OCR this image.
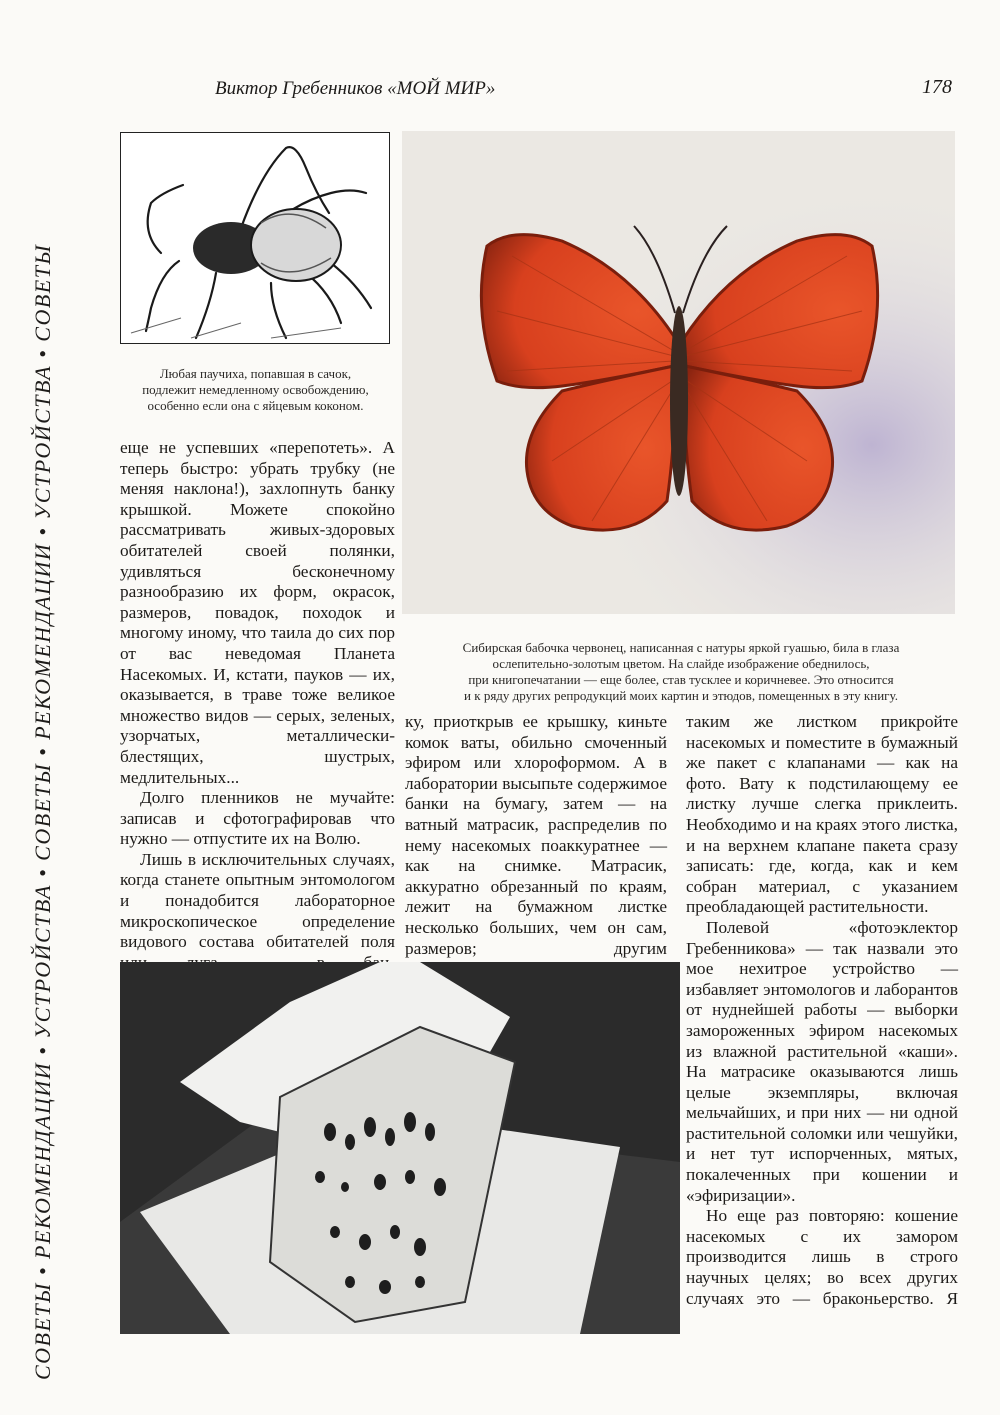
СОВЕТЫ • РЕКОМЕНДАЦИИ • УСТРОЙСТВА • СОВЕТЫ • РЕКОМЕНДАЦИИ • УСТРОЙСТВА • СОВЕТЫ
Виктор Гребенников «МОЙ МИР»	178
Любая паучиха, попавшая в сачок,
подлежит немедленному освобождению,
особенно если она с яйцевым коконом.
Сибирская бабочка червонец, написанная с натуры яркой гуашью, била в глаза
ослепительно-золотым цветом. На слайде изображение обеднилось,
при книгопечатании — еще более, став тусклее и коричневее. Это относится
и к ряду других репродукций моих картин и этюдов, помещенных в эту книгу.

еще не успевших «перепотеть». А теперь быстро: убрать трубку (не меняя наклона!), захлопнуть банку крышкой. Можете спокойно рассматривать живых-здоровых обитателей своей полянки, удивляться бесконечному разнообразию их форм, окрасок, размеров, повадок, походок и многому иному, что таила до сих пор от вас неведомая Планета Насекомых. И, кстати, пауков — их, оказывается, в траве тоже великое множество видов — серых, зеленых, узорчатых, металлически-блестящих, шустрых, медлительных...

Долго пленников не мучайте: записав и сфотографировав что нужно — отпустите их на Волю.

Лишь в исключительных случаях, когда станете опытным энтомологом и понадобится лабораторное микроскопическое определение видового состава обитателей поля

ку, приоткрыв ее крышку, киньте комок ваты, обильно смоченный эфиром или хлороформом. А в лаборатории высыпьте содержимое банки на бумагу, затем — на ватный матрасик, распределив по нему насекомых поаккуратнее — как на снимке. Матрасик, аккуратно обрезанный по краям, лежит на бумажном листке несколько больших, чем он сам, размеров; другим

таким же листком прикройте насекомых и поместите в бумажный же пакет с клапанами — как на фото. Вату к подстилающему ее листку лучше слегка приклеить. Необходимо и на краях этого листка, и на верхнем клапане пакета сразу записать: где, когда, как и кем собран материал, с указанием преобладающей растительности.

Полевой «фотоэклектор Гребенникова» — так назвали это мое нехитрое устройство — избавляет энтомологов и лаборантов от нуднейшей работы — выборки замороженных эфиром насекомых из влажной растительной «каши». На матрасике оказываются лишь целые экземпляры, включая мельчайших, и при них — ни одной растительной соломки или чешуйки, и нет тут испорченных, мятых, покалеченных при кошении и «эфиризации».

Но еще раз повторяю: кошение насекомых с их замором производится лишь в строго научных целях; во всех других случаях это — браконьерство. Я
